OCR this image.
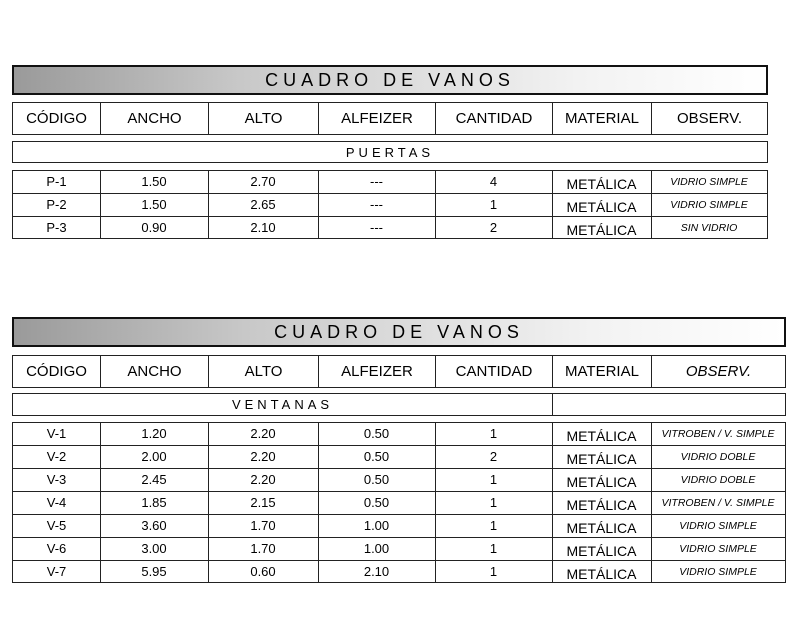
CUADRO DE VANOS
CÓDIGO	ANCHO	ALTO	ALFEIZER	CANTIDAD	MATERIAL	OBSERV.
PUERTAS
P-1	1.50	2.70	---	4	METÁLICA	VIDRIO SIMPLE
P-2	1.50	2.65	---	1	METÁLICA	VIDRIO SIMPLE
P-3	0.90	2.10	---	2	METÁLICA	SIN VIDRIO
CUADRO DE VANOS
CÓDIGO	ANCHO	ALTO	ALFEIZER	CANTIDAD	MATERIAL	OBSERV.
VENTANAS
V-1	1.20	2.20	0.50	1	METÁLICA	VITROBEN / V. SIMPLE
V-2	2.00	2.20	0.50	2	METÁLICA	VIDRIO DOBLE
V-3	2.45	2.20	0.50	1	METÁLICA	VIDRIO DOBLE
V-4	1.85	2.15	0.50	1	METÁLICA	VITROBEN / V. SIMPLE
V-5	3.60	1.70	1.00	1	METÁLICA	VIDRIO SIMPLE
V-6	3.00	1.70	1.00	1	METÁLICA	VIDRIO SIMPLE
V-7	5.95	0.60	2.10	1	METÁLICA	VIDRIO SIMPLE
